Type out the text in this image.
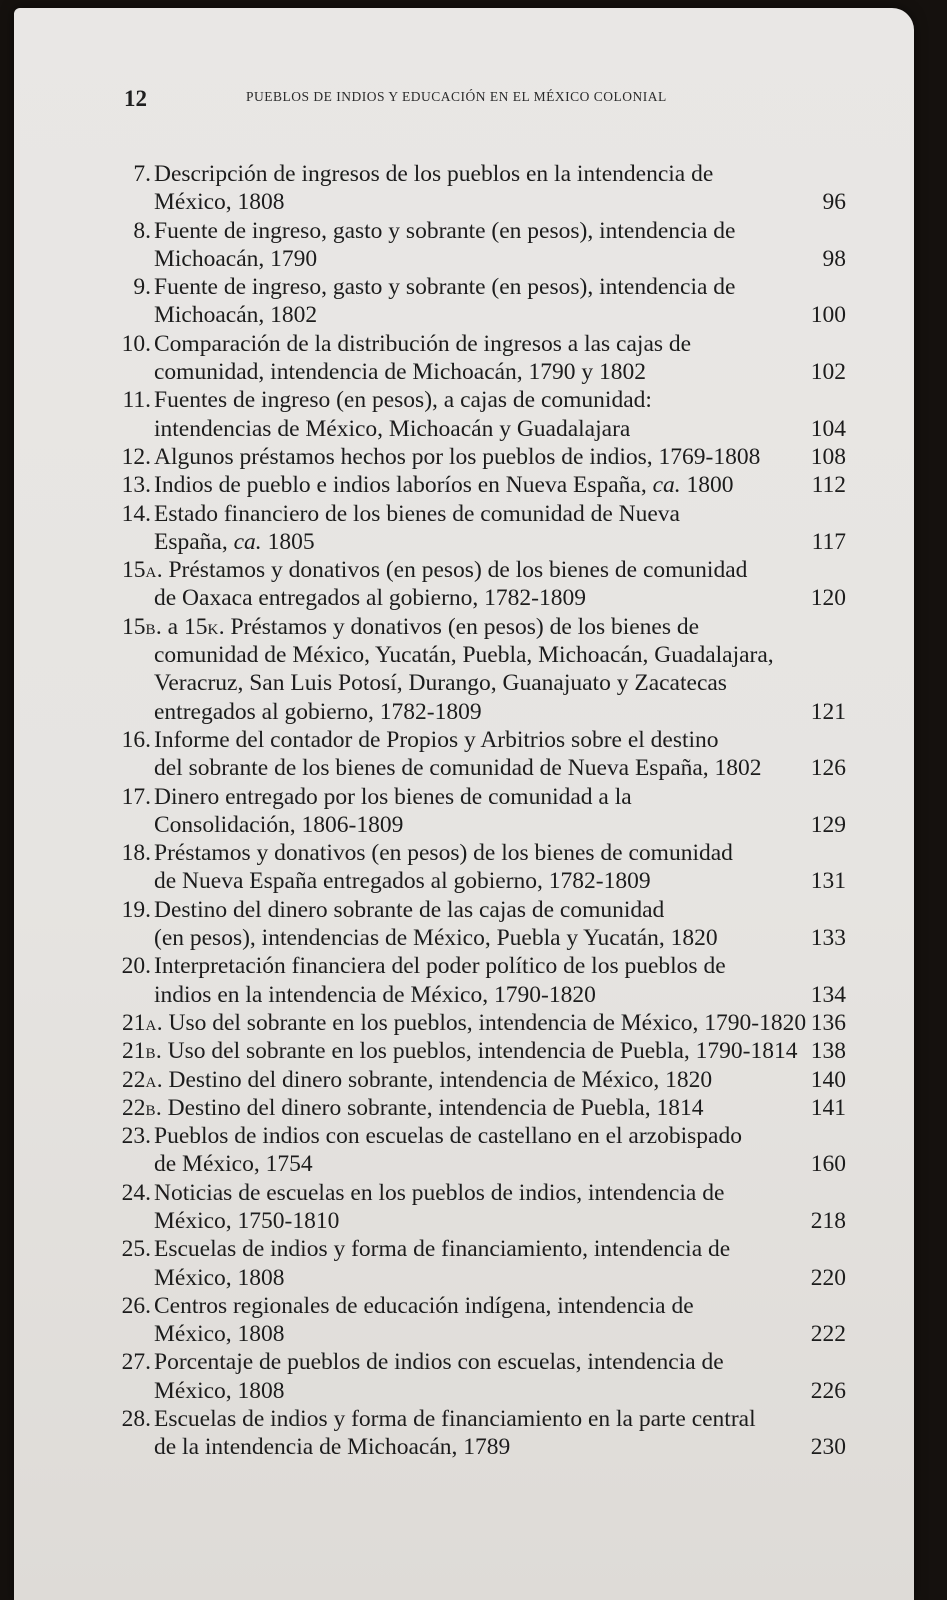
12	PUEBLOS DE INDIOS Y EDUCACIÓN EN EL MÉXICO COLONIAL
7. Descripción de ingresos de los pueblos en la intendencia de
México, 1808	96
8. Fuente de ingreso, gasto y sobrante (en pesos), intendencia de
Michoacán, 1790	98
9. Fuente de ingreso, gasto y sobrante (en pesos), intendencia de
Michoacán, 1802	100
10. Comparación de la distribución de ingresos a las cajas de
comunidad, intendencia de Michoacán, 1790 y 1802	102
11. Fuentes de ingreso (en pesos), a cajas de comunidad:
intendencias de México, Michoacán y Guadalajara	104
12. Algunos préstamos hechos por los pueblos de indios, 1769-1808 108
13. Indios de pueblo e indios laboríos en Nueva España, ca. 1800	112
14. Estado financiero de los bienes de comunidad de Nueva
España, ca. 1805	117
15A. Préstamos y donativos (en pesos) de los bienes de comunidad
de Oaxaca entregados al gobierno, 1782-1809	120
15B. a 15K. Préstamos y donativos (en pesos) de los bienes de
comunidad de México, Yucatán, Puebla, Michoacán, Guadalajara,
Veracruz, San Luis Potosí, Durango, Guanajuato y Zacatecas
entregados al gobierno, 1782-1809	121
16. Informe del contador de Propios y Arbitrios sobre el destino
del sobrante de los bienes de comunidad de Nueva España, 1802 126
17. Dinero entregado por los bienes de comunidad a la
Consolidación, 1806-1809	129
18. Préstamos y donativos (en pesos) de los bienes de comunidad
de Nueva España entregados al gobierno, 1782-1809	131
19. Destino del dinero sobrante de las cajas de comunidad
(en pesos), intendencias de México, Puebla y Yucatán, 1820	133
20. Interpretación financiera del poder político de los pueblos de
indios en la intendencia de México, 1790-1820	134
21A. Uso del sobrante en los pueblos, intendencia de México, 1790-1820 136
21B. Uso del sobrante en los pueblos, intendencia de Puebla, 1790-1814 138
22A. Destino del dinero sobrante, intendencia de México, 1820	140
22B. Destino del dinero sobrante, intendencia de Puebla, 1814	141
23. Pueblos de indios con escuelas de castellano en el arzobispado
de México, 1754	160
24. Noticias de escuelas en los pueblos de indios, intendencia de
México, 1750-1810	218
25. Escuelas de indios y forma de financiamiento, intendencia de
México, 1808	220
26. Centros regionales de educación indígena, intendencia de
México, 1808	222
27. Porcentaje de pueblos de indios con escuelas, intendencia de
México, 1808	226
28. Escuelas de indios y forma de financiamiento en la parte central
de la intendencia de Michoacán, 1789	230
